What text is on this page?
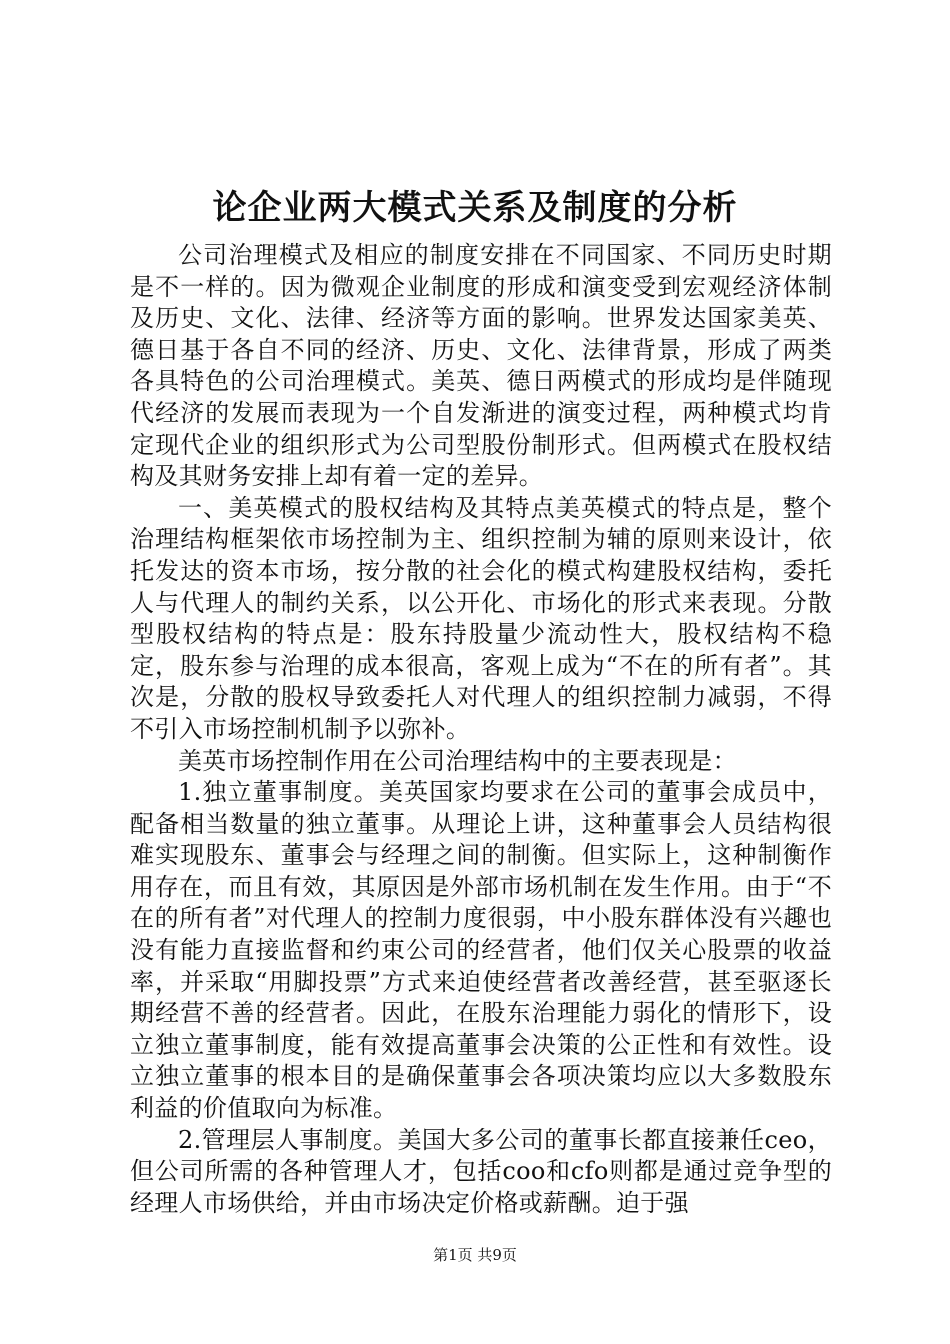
论企业两大模式关系及制度的分析

公司治理模式及相应的制度安排在不同国家、不同历史时期是不一样的。因为微观企业制度的形成和演变受到宏观经济体制及历史、文化、法律、经济等方面的影响。世界发达国家美英、德日基于各自不同的经济、历史、文化、法律背景，形成了两类各具特色的公司治理模式。美英、德日两模式的形成均是伴随现代经济的发展而表现为一个自发渐进的演变过程，两种模式均肯定现代企业的组织形式为公司型股份制形式。但两模式在股权结构及其财务安排上却有着一定的差异。

一、美英模式的股权结构及其特点美英模式的特点是，整个治理结构框架依市场控制为主、组织控制为辅的原则来设计，依托发达的资本市场，按分散的社会化的模式构建股权结构，委托人与代理人的制约关系，以公开化、市场化的形式来表现。分散型股权结构的特点是：股东持股量少流动性大，股权结构不稳定，股东参与治理的成本很高，客观上成为“不在的所有者”。其次是，分散的股权导致委托人对代理人的组织控制力减弱，不得不引入市场控制机制予以弥补。

美英市场控制作用在公司治理结构中的主要表现是：

1.独立董事制度。美英国家均要求在公司的董事会成员中，配备相当数量的独立董事。从理论上讲，这种董事会人员结构很难实现股东、董事会与经理之间的制衡。但实际上，这种制衡作用存在，而且有效，其原因是外部市场机制在发生作用。由于“不在的所有者”对代理人的控制力度很弱，中小股东群体没有兴趣也没有能力直接监督和约束公司的经营者，他们仅关心股票的收益率，并采取“用脚投票”方式来迫使经营者改善经营，甚至驱逐长期经营不善的经营者。因此，在股东治理能力弱化的情形下，设立独立董事制度，能有效提高董事会决策的公正性和有效性。设立独立董事的根本目的是确保董事会各项决策均应以大多数股东利益的价值取向为标准。

2.管理层人事制度。美国大多公司的董事长都直接兼任ceo，但公司所需的各种管理人才，包括coo和cfo则都是通过竞争型的经理人市场供给，并由市场决定价格或薪酬。迫于强

第1页 共9页
